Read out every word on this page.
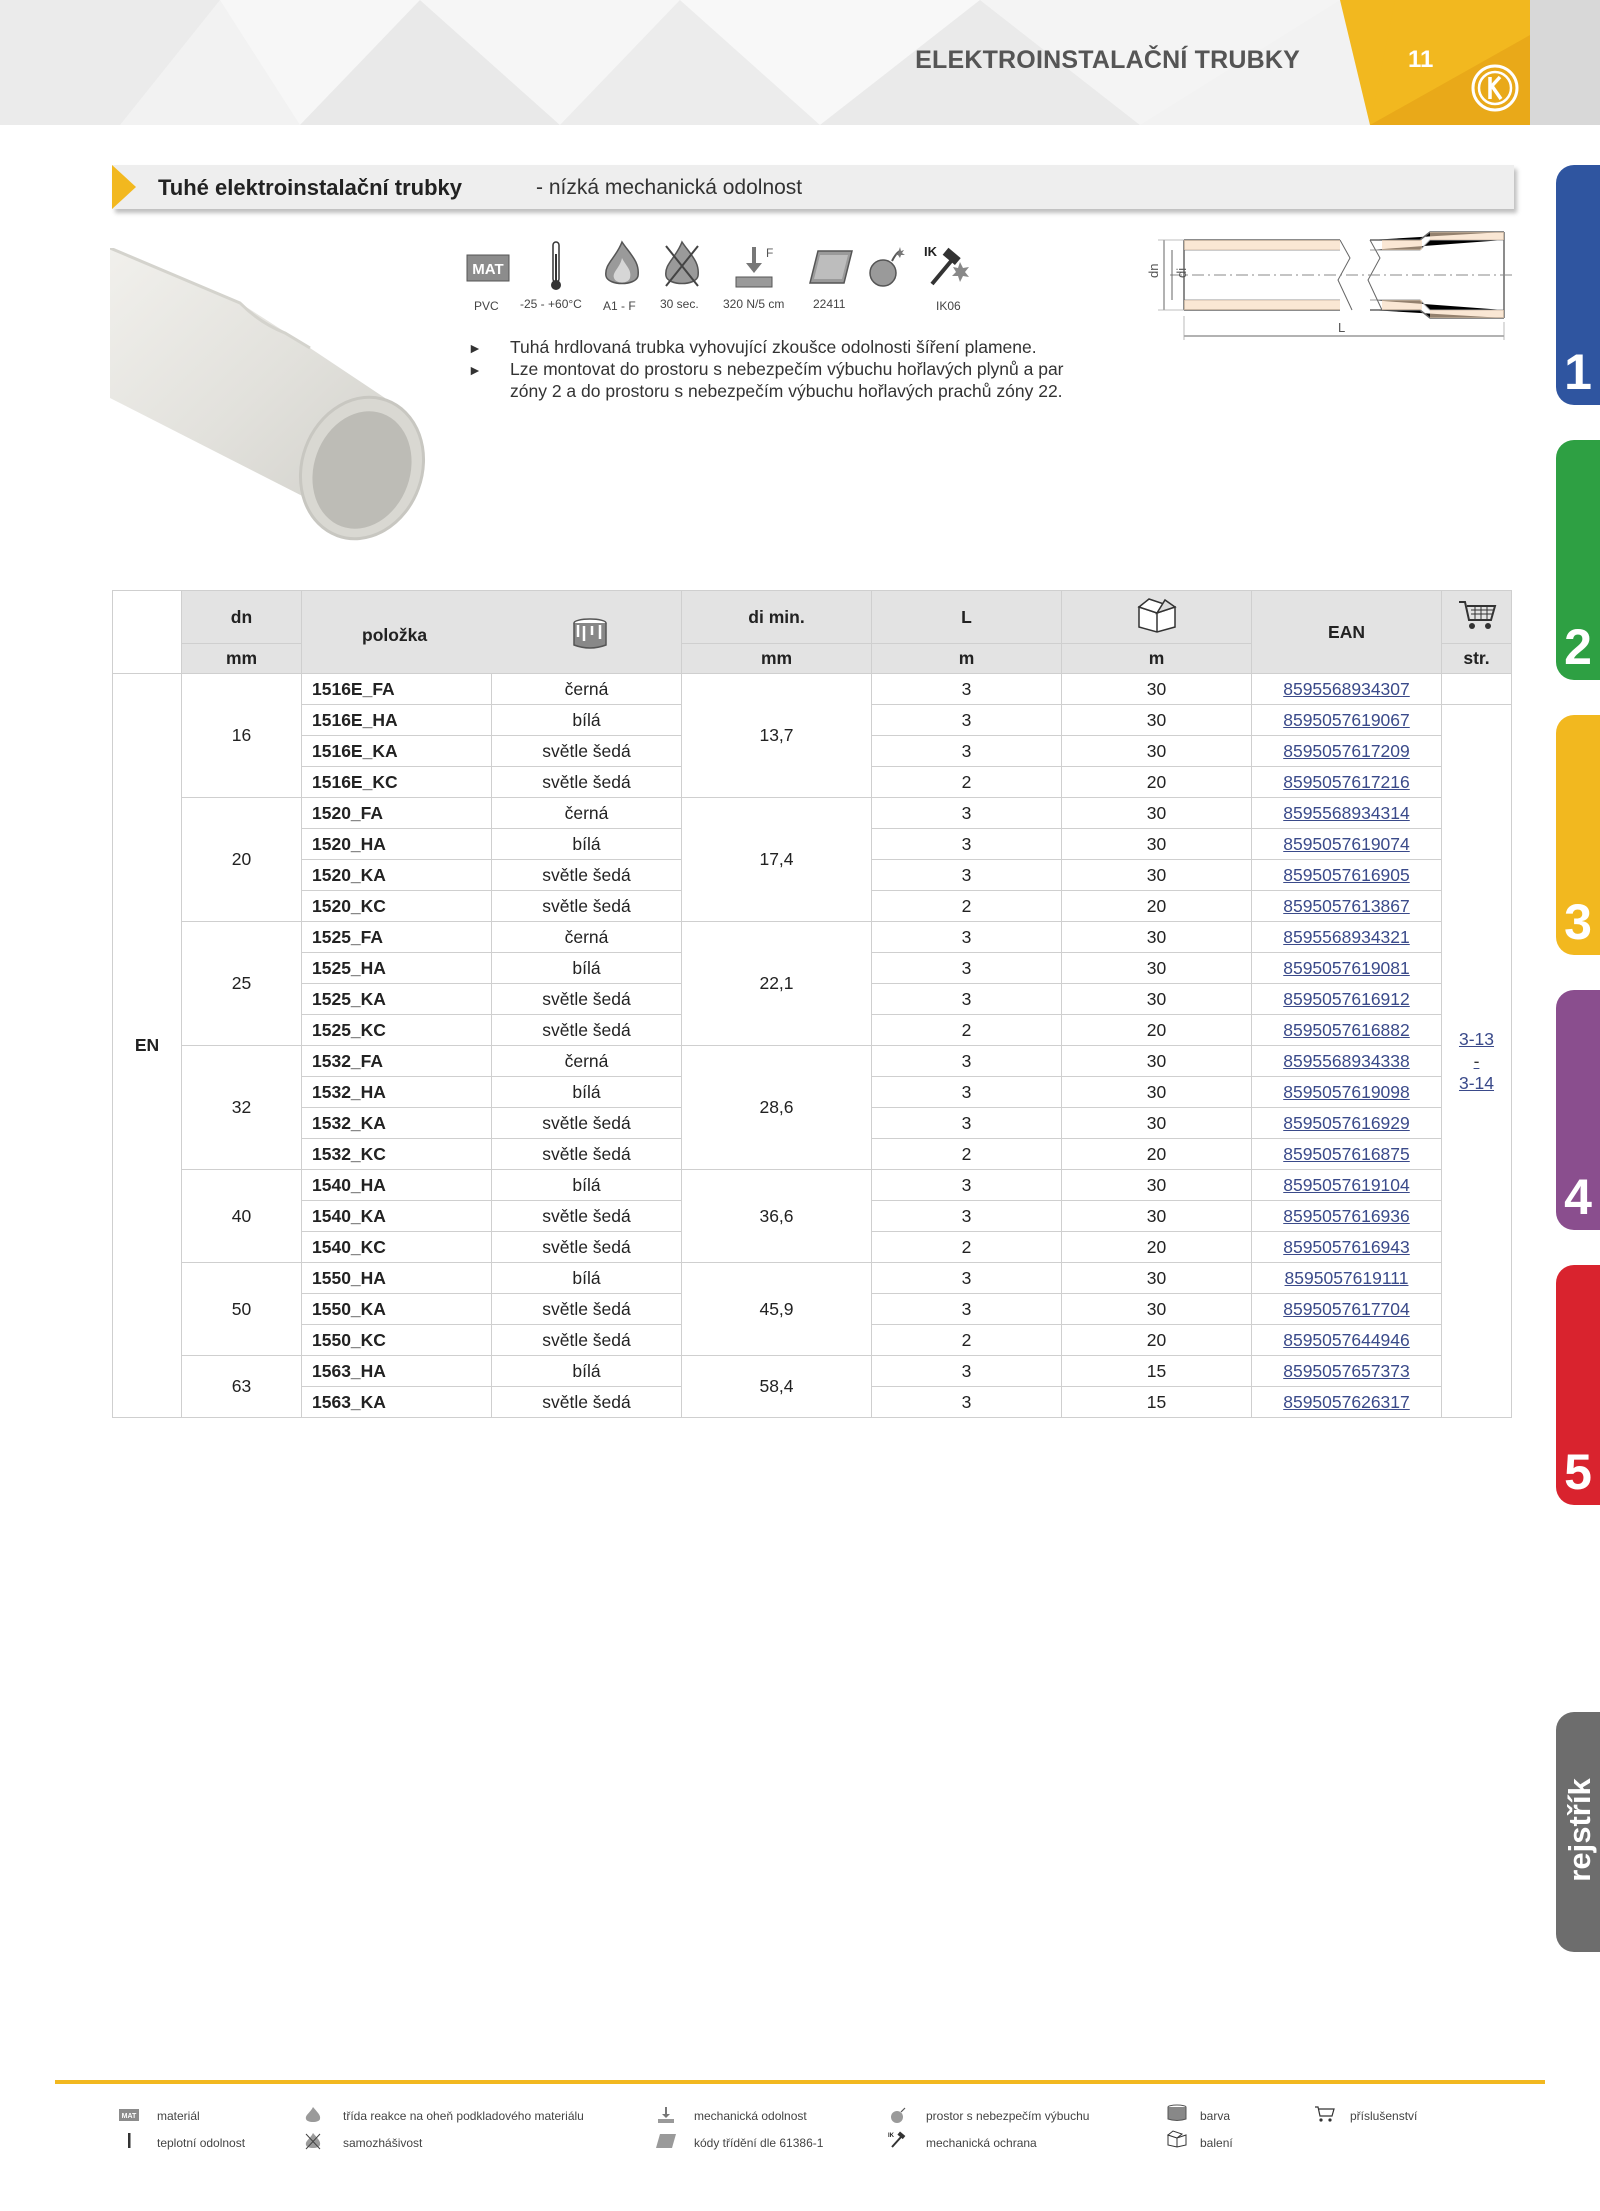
ELEKTROINSTALAČNÍ TRUBKY	11
Tuhé elektroinstalační trubky	- nízká mechanická odolnost
MAT
F	IK
PVC -25 - +60°C A1 - F 30 sec. 320 N/5 cm 22411	IK06
► Tuhá hrdlovaná trubka vyhovující zkoušce odolnosti šíření plamene.
► Lze montovat do prostoru s nebezpečím výbuchu hořlavých plynů a par
zóny 2 a do prostoru s nebezpečím výbuchu hořlavých prachů zóny 22.
dn di
L
	dn	položka		di min.	L		EAN	
	mm			mm	m	m		str.
EN	16	1516E_FA	černá	13,7	3	30	8595568934307	
		1516E_HA	bílá		3	30	8595057619067	3-13
-
3-14

		1516E_KA	světle šedá		3	30	8595057617209	
		1516E_KC	světle šedá		2	20	8595057617216	
	20	1520_FA	černá	17,4	3	30	8595568934314	
		1520_HA	bílá		3	30	8595057619074	
		1520_KA	světle šedá		3	30	8595057616905	
		1520_KC	světle šedá		2	20	8595057613867	
	25	1525_FA	černá	22,1	3	30	8595568934321	
		1525_HA	bílá		3	30	8595057619081	
		1525_KA	světle šedá		3	30	8595057616912	
		1525_KC	světle šedá		2	20	8595057616882	
	32	1532_FA	černá	28,6	3	30	8595568934338	
		1532_HA	bílá		3	30	8595057619098	
		1532_KA	světle šedá		3	30	8595057616929	
		1532_KC	světle šedá		2	20	8595057616875	
	40	1540_HA	bílá	36,6	3	30	8595057619104	
		1540_KA	světle šedá		3	30	8595057616936	
		1540_KC	světle šedá		2	20	8595057616943	
	50	1550_HA	bílá	45,9	3	30	8595057619111	
		1550_KA	světle šedá		3	30	8595057617704	
		1550_KC	světle šedá		2	20	8595057644946	
	63	1563_HA	bílá	58,4	3	15	8595057657373	
		1563_KA	světle šedá		3	15	8595057626317	
1
2
3
4
5
rejstřík
MAT materiál
teplotní odolnost
třída reakce na oheň podkladového materiálu
samozhášivost
mechanická odolnost
kódy třídění dle 61386-1
prostor s nebezpečím výbuchu
IK	mechanická ochrana
barva
balení
příslušenství
